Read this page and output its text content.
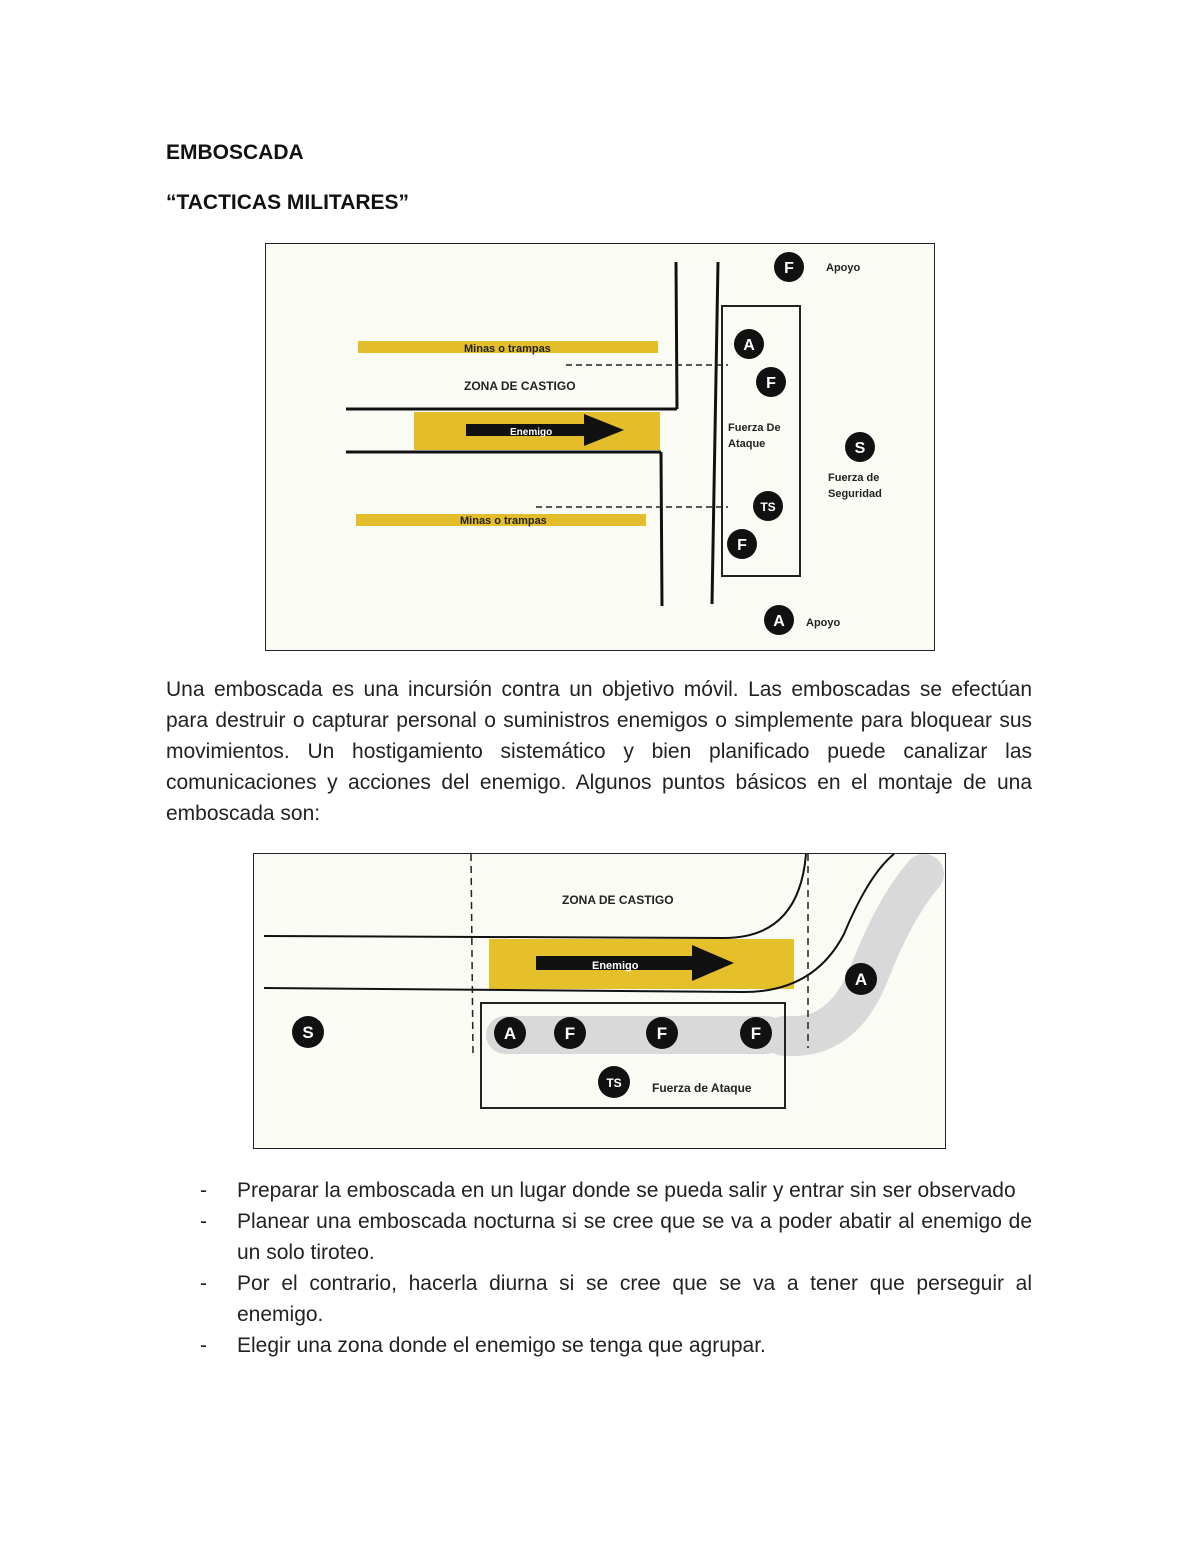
EMBOSCADA
“TACTICAS MILITARES”
Minas o trampas
ZONA DE CASTIGO
Enemigo
Minas o trampas
Apoyo
Apoyo
Fuerza De
Ataque
Fuerza de
Seguridad
F
A
F
S
TS
F
A

Una emboscada es una incursión contra un objetivo móvil. Las emboscadas se efectúan para destruir o capturar personal o suministros enemigos o simplemente para bloquear sus movimientos. Un hostigamiento sistemático y bien planificado puede canalizar las comunicaciones y acciones del enemigo. Algunos puntos básicos en el montaje de una emboscada son:

ZONA DE CASTIGO
Enemigo
Fuerza de Ataque
S
A
A	F	F	F
TS
- Preparar la emboscada en un lugar donde se pueda salir y entrar sin ser observado
- Planear una emboscada nocturna si se cree que se va a poder abatir al enemigo de un solo tiroteo.
- Por el contrario, hacerla diurna si se cree que se va a tener que perseguir al enemigo.
- Elegir una zona donde el enemigo se tenga que agrupar.
